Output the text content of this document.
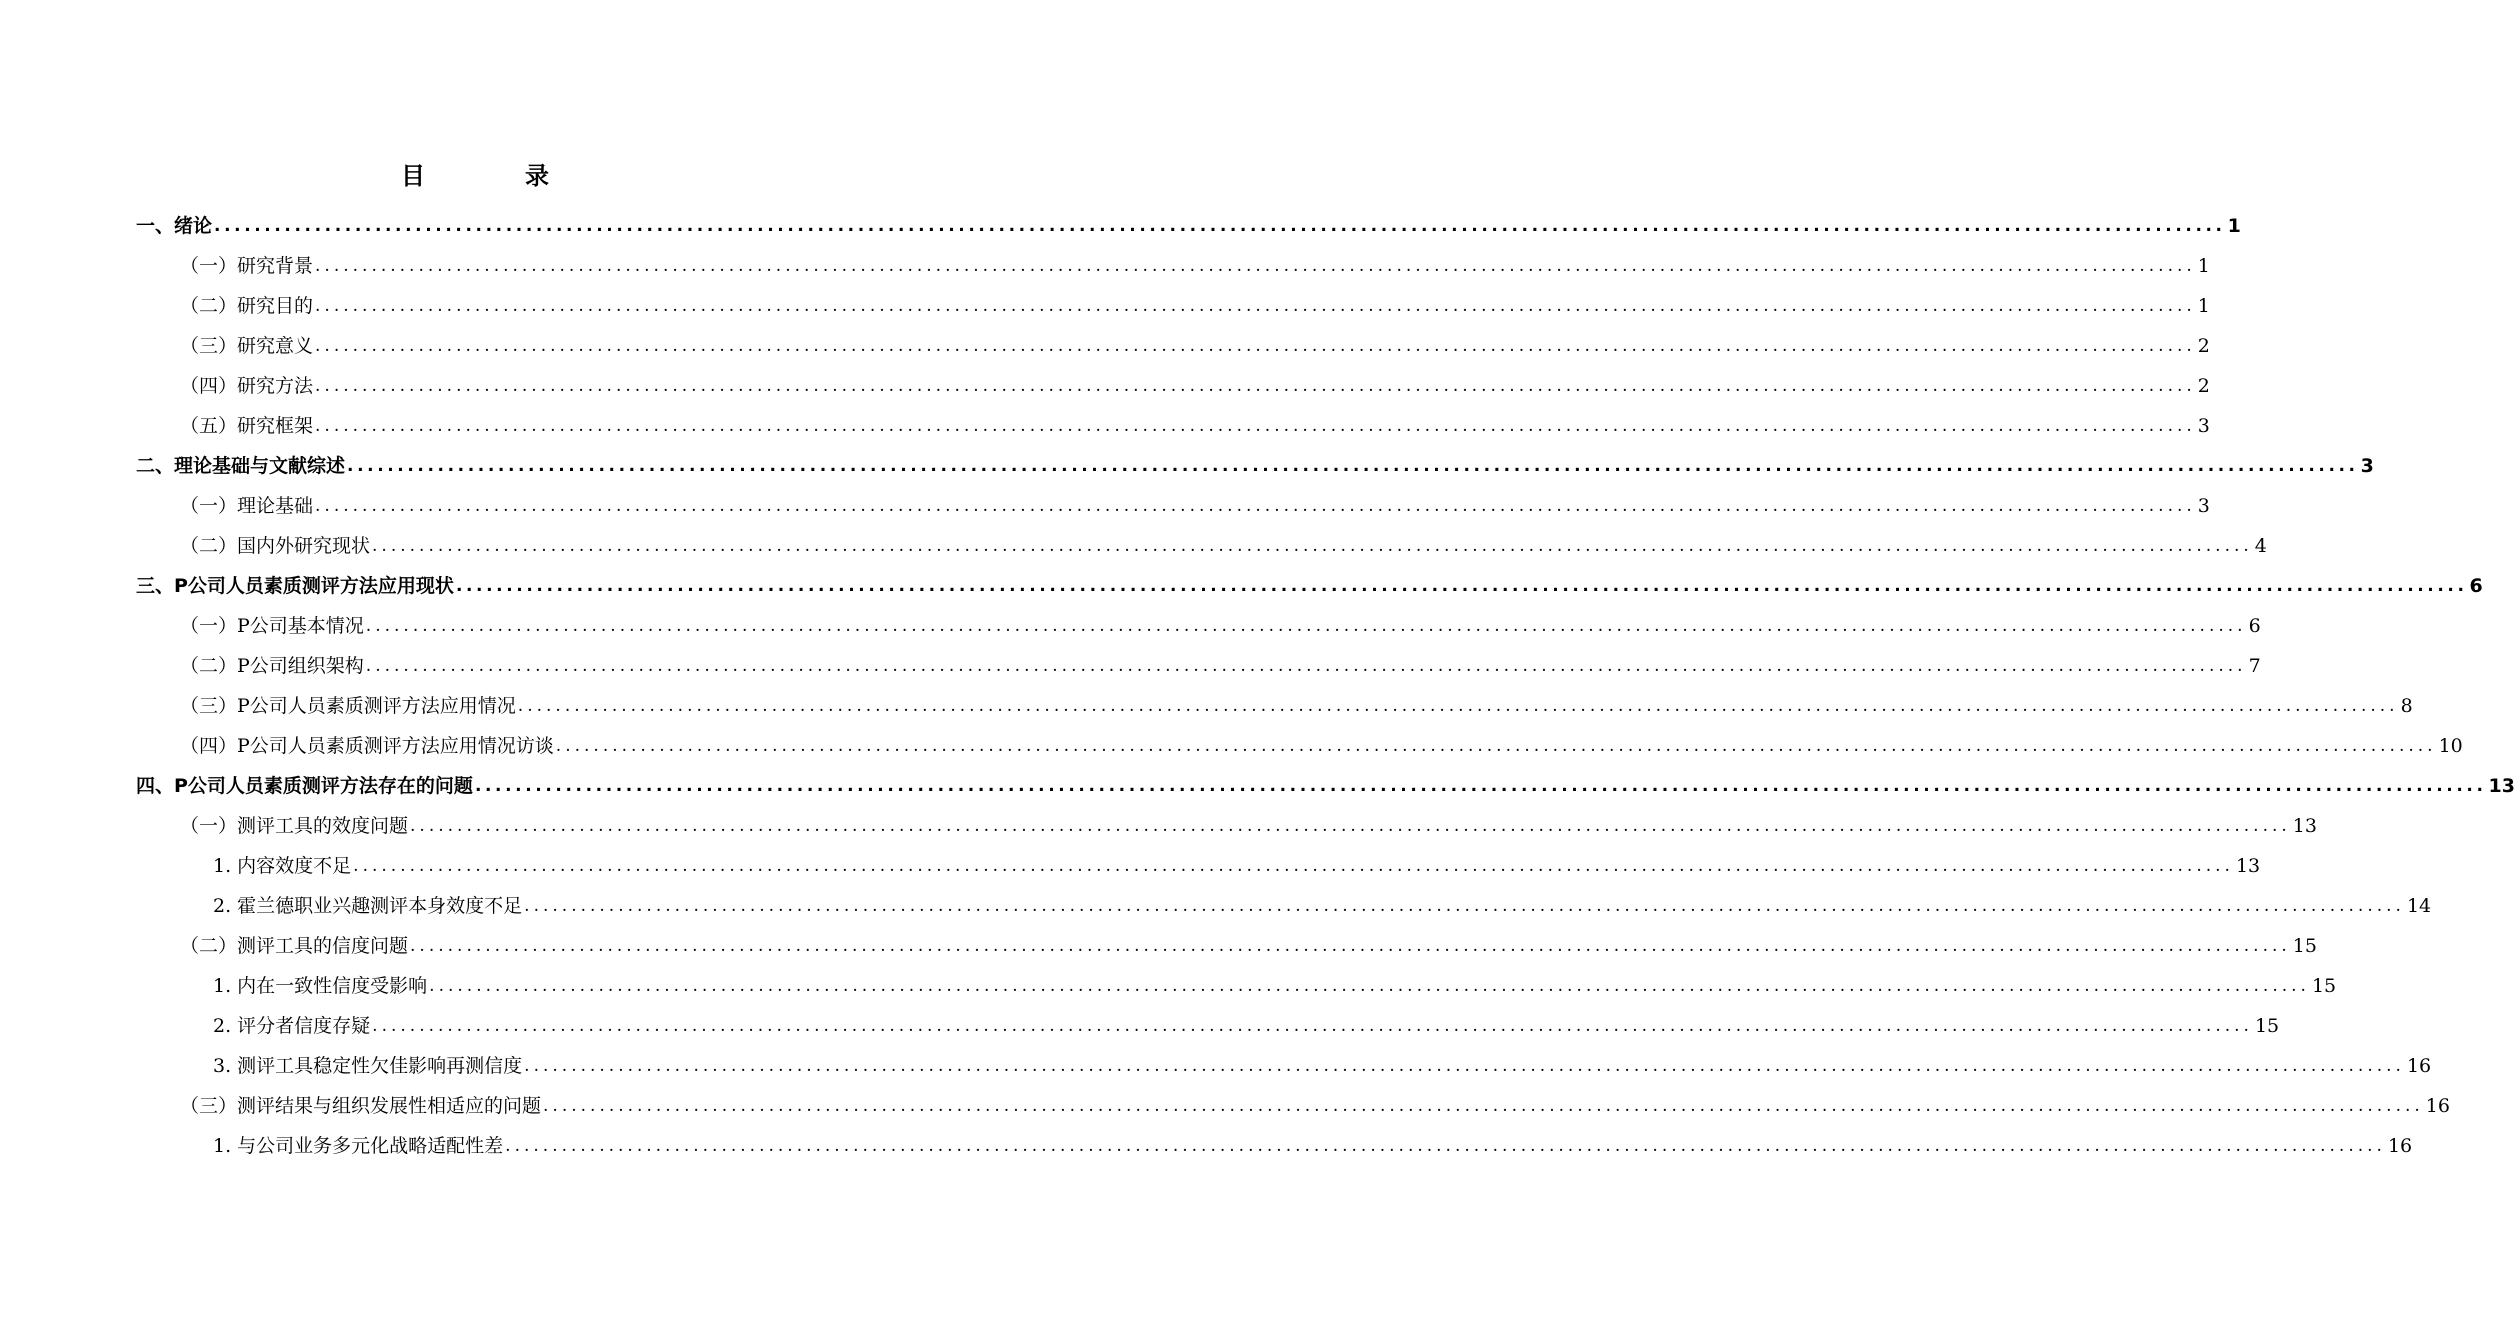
目录
一、绪论 ........................................................................................................................................................................................................ 1
（一）研究背景 ........................................................................................................................................................................................................ 1
（二）研究目的 ........................................................................................................................................................................................................ 1
（三）研究意义 ........................................................................................................................................................................................................ 2
（四）研究方法 ........................................................................................................................................................................................................ 2
（五）研究框架 ........................................................................................................................................................................................................ 3
二、理论基础与文献综述 ........................................................................................................................................................................................................ 3
（一）理论基础 ........................................................................................................................................................................................................ 3
（二）国内外研究现状 ........................................................................................................................................................................................................ 4
三、P公司人员素质测评方法应用现状 ........................................................................................................................................................................................................ 6
（一）P公司基本情况 ........................................................................................................................................................................................................ 6
（二）P公司组织架构 ........................................................................................................................................................................................................ 7
（三）P公司人员素质测评方法应用情况 ........................................................................................................................................................................................................ 8
（四）P公司人员素质测评方法应用情况访谈 ........................................................................................................................................................................................................ 10
四、P公司人员素质测评方法存在的问题 ........................................................................................................................................................................................................ 13
（一）测评工具的效度问题 ........................................................................................................................................................................................................ 13
1. 内容效度不足 ........................................................................................................................................................................................................ 13
2. 霍兰德职业兴趣测评本身效度不足 ........................................................................................................................................................................................................ 14
（二）测评工具的信度问题 ........................................................................................................................................................................................................ 15
1. 内在一致性信度受影响 ........................................................................................................................................................................................................ 15
2. 评分者信度存疑 ........................................................................................................................................................................................................ 15
3. 测评工具稳定性欠佳影响再测信度 ........................................................................................................................................................................................................ 16
（三）测评结果与组织发展性相适应的问题 ........................................................................................................................................................................................................ 16
1. 与公司业务多元化战略适配性差 ........................................................................................................................................................................................................ 16
